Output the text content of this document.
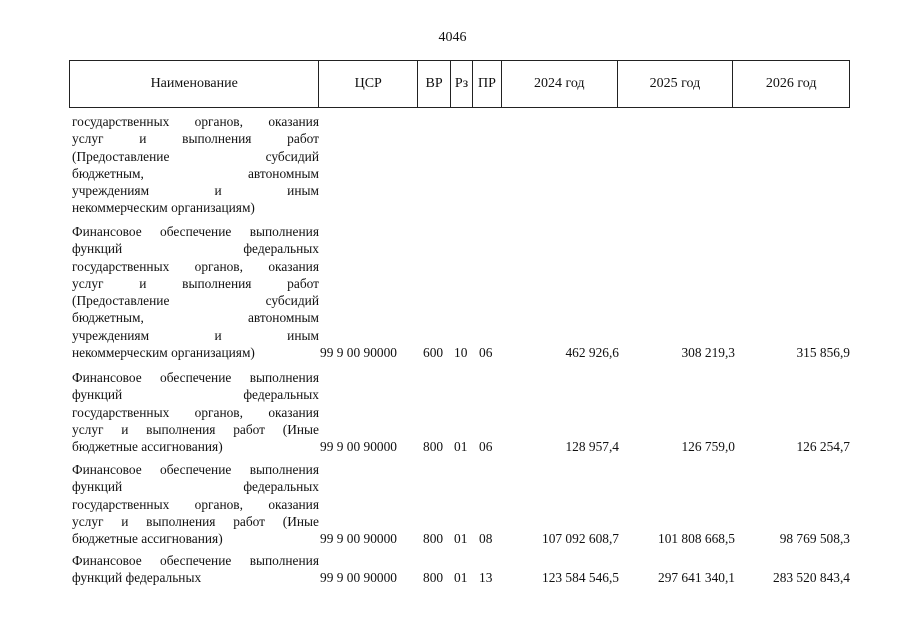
4046
Наименование	ЦСР	ВР Рз ПР	2024 год	2025 год	2026 год
государственных органов, оказания
услуг и выполнения работ
(Предоставление субсидий
бюджетным, автономным
учреждениям и иным
некоммерческим организациям)
Финансовое обеспечение выполнения
функций федеральных
государственных органов, оказания
услуг и выполнения работ
(Предоставление субсидий
бюджетным, автономным
учреждениям и иным
некоммерческим организациям)	99 9 00 90000	600 10 06	462 926,6	308 219,3	315 856,9
Финансовое обеспечение выполнения
функций федеральных
государственных органов, оказания
услуг и выполнения работ (Иные
бюджетные ассигнования)	99 9 00 90000	800 01 06	128 957,4	126 759,0	126 254,7
Финансовое обеспечение выполнения
функций федеральных
государственных органов, оказания
услуг и выполнения работ (Иные
бюджетные ассигнования)	99 9 00 90000	800 01 08	107 092 608,7	101 808 668,5	98 769 508,3
Финансовое обеспечение выполнения
функций федеральных	99 9 00 90000	800 01 13	123 584 546,5	297 641 340,1	283 520 843,4
